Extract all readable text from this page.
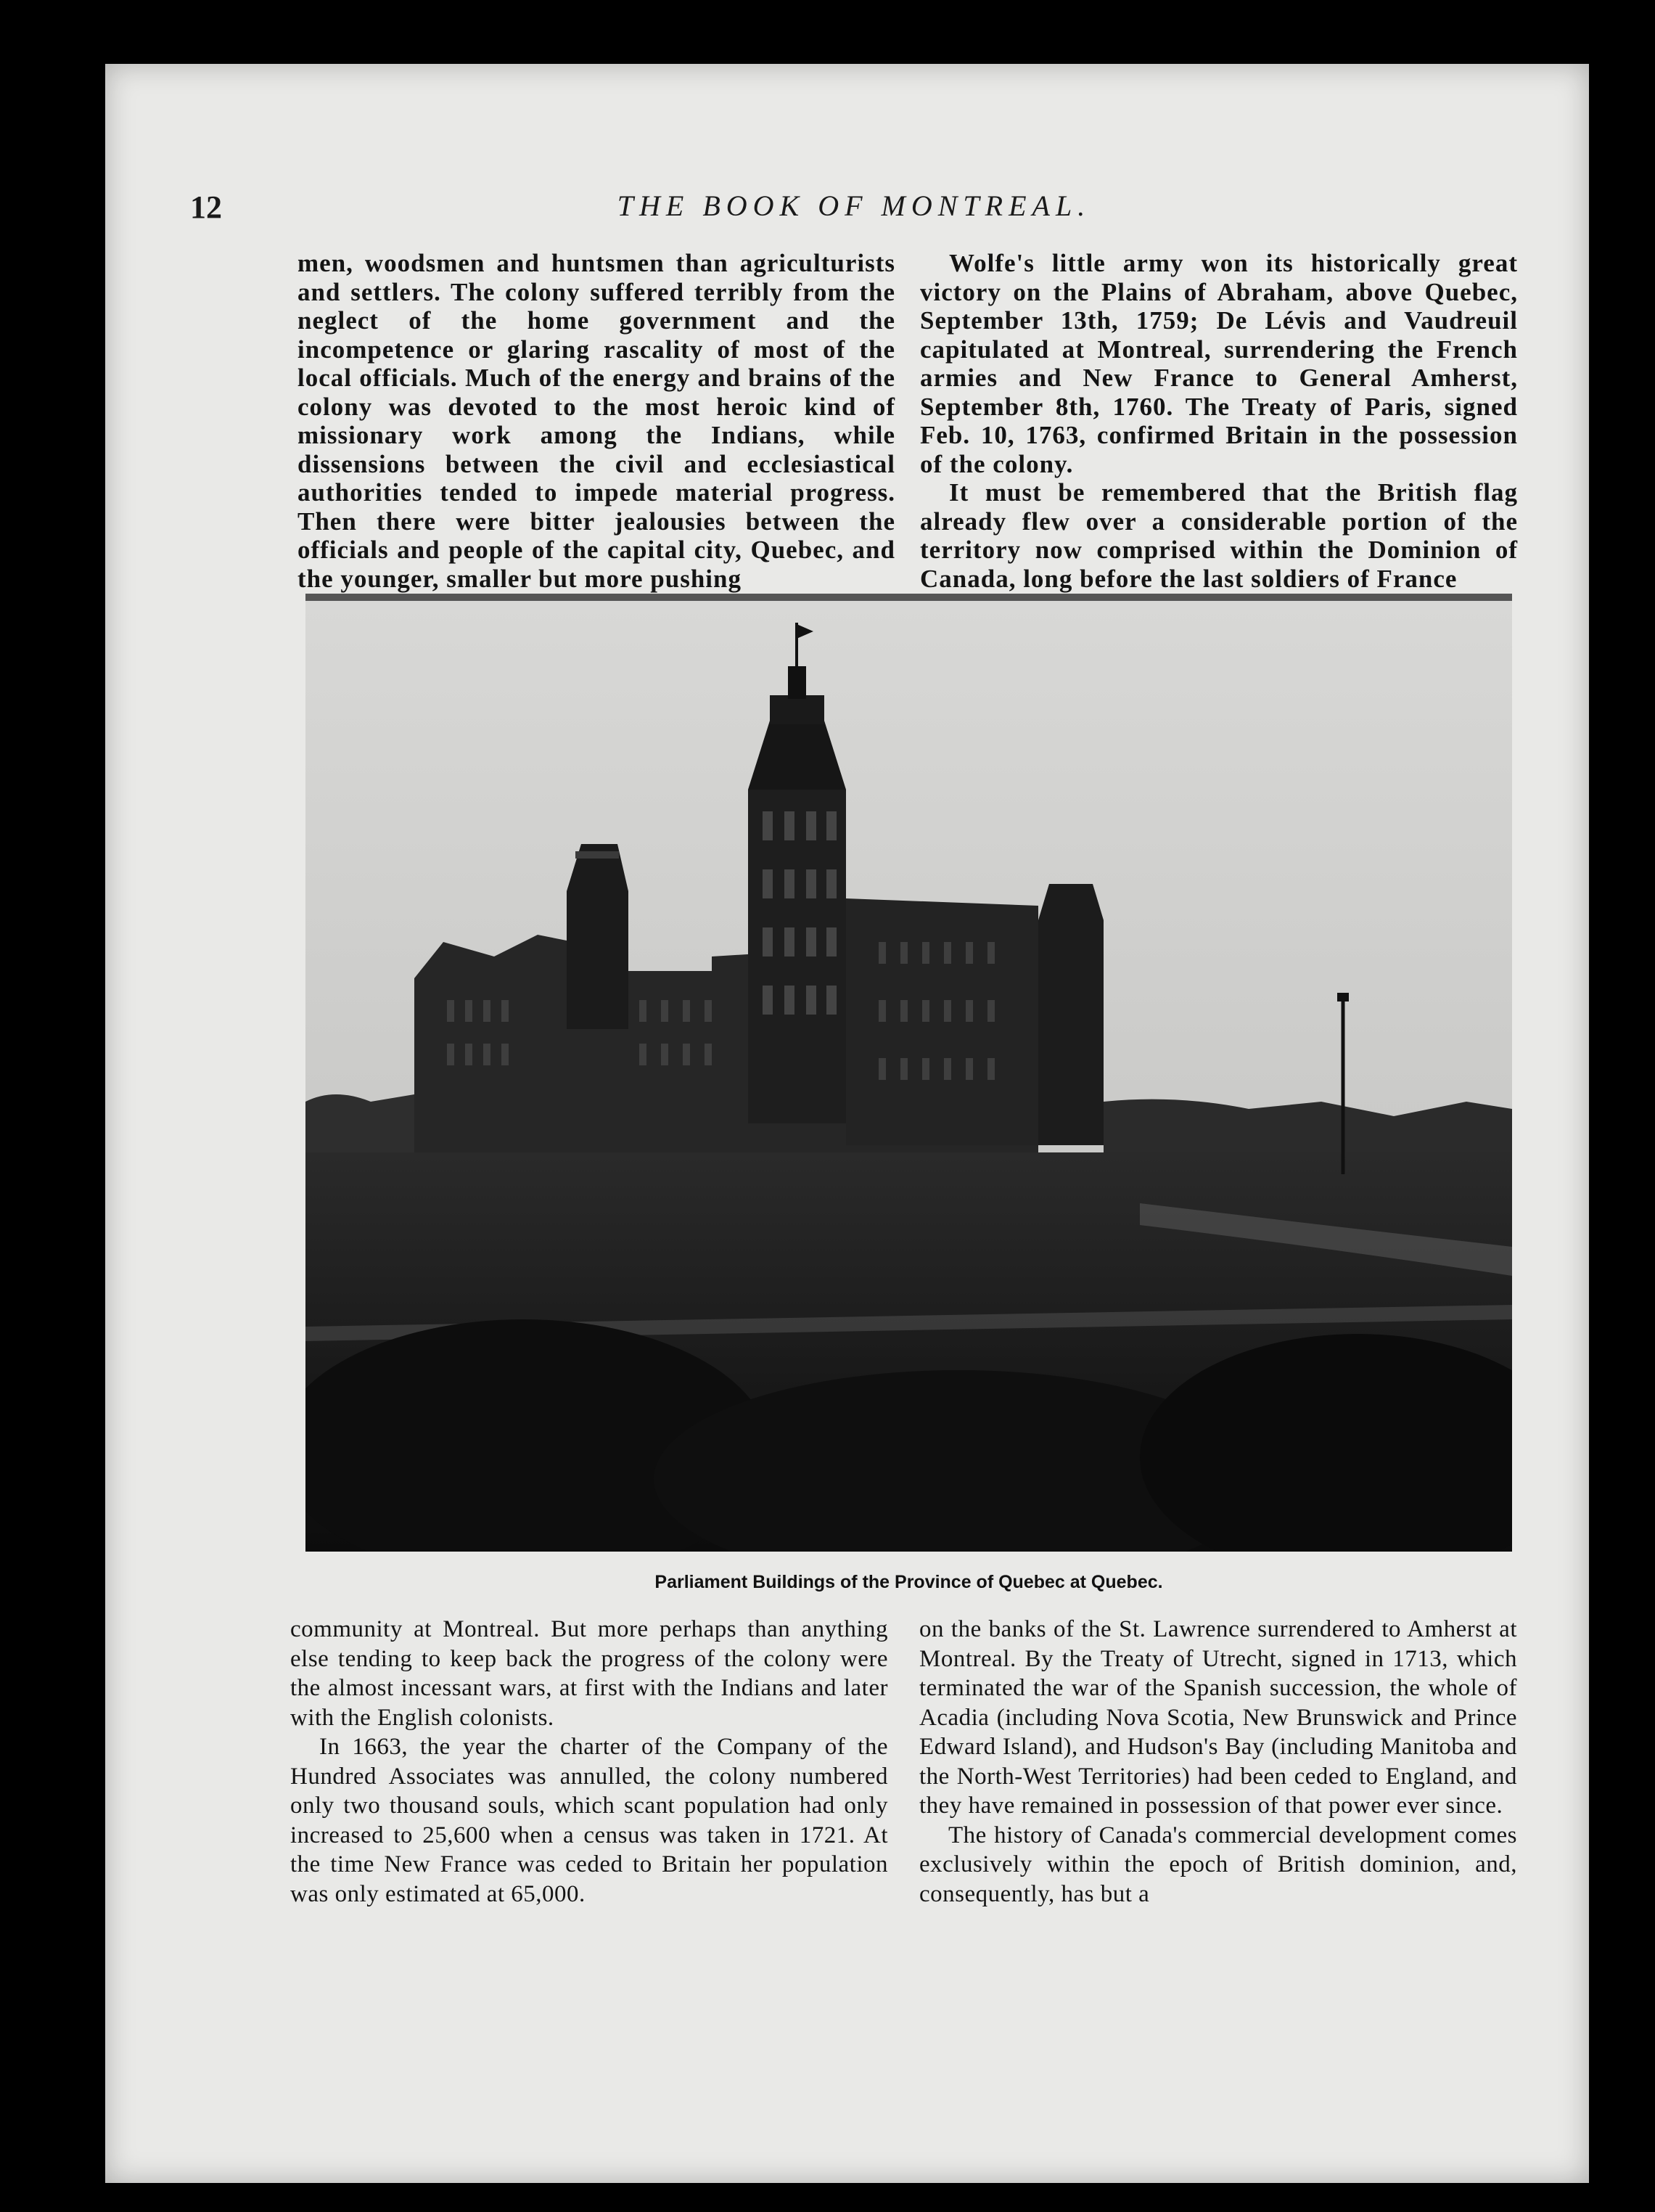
12	THE BOOK OF MONTREAL.

men, woodsmen and huntsmen than agriculturists and settlers. The colony suffered terribly from the neglect of the home government and the incompetence or glaring rascality of most of the local officials. Much of the energy and brains of the colony was devoted to the most heroic kind of missionary work among the Indians, while dissensions between the civil and ecclesiastical authorities tended to impede material progress. Then there were bitter jealousies between the officials and people of the capital city, Quebec, and the younger, smaller but more pushing

Wolfe's little army won its historically great victory on the Plains of Abraham, above Quebec, September 13th, 1759; De Lévis and Vaudreuil capitulated at Montreal, surrendering the French armies and New France to General Amherst, September 8th, 1760. The Treaty of Paris, signed Feb. 10, 1763, confirmed Britain in the possession of the colony.

It must be remembered that the British flag already flew over a considerable portion of the territory now comprised within the Dominion of Canada, long before the last soldiers of France

Parliament Buildings of the Province of Quebec at Quebec.

community at Montreal. But more perhaps than anything else tending to keep back the progress of the colony were the almost incessant wars, at first with the Indians and later with the English colonists.

In 1663, the year the charter of the Company of the Hundred Associates was annulled, the colony numbered only two thousand souls, which scant population had only increased to 25,600 when a census was taken in 1721. At the time New France was ceded to Britain her population was only estimated at 65,000.

on the banks of the St. Lawrence surrendered to Amherst at Montreal. By the Treaty of Utrecht, signed in 1713, which terminated the war of the Spanish succession, the whole of Acadia (including Nova Scotia, New Brunswick and Prince Edward Island), and Hudson's Bay (including Manitoba and the North-West Territories) had been ceded to England, and they have remained in possession of that power ever since.

The history of Canada's commercial development comes exclusively within the epoch of British dominion, and, consequently, has but a
